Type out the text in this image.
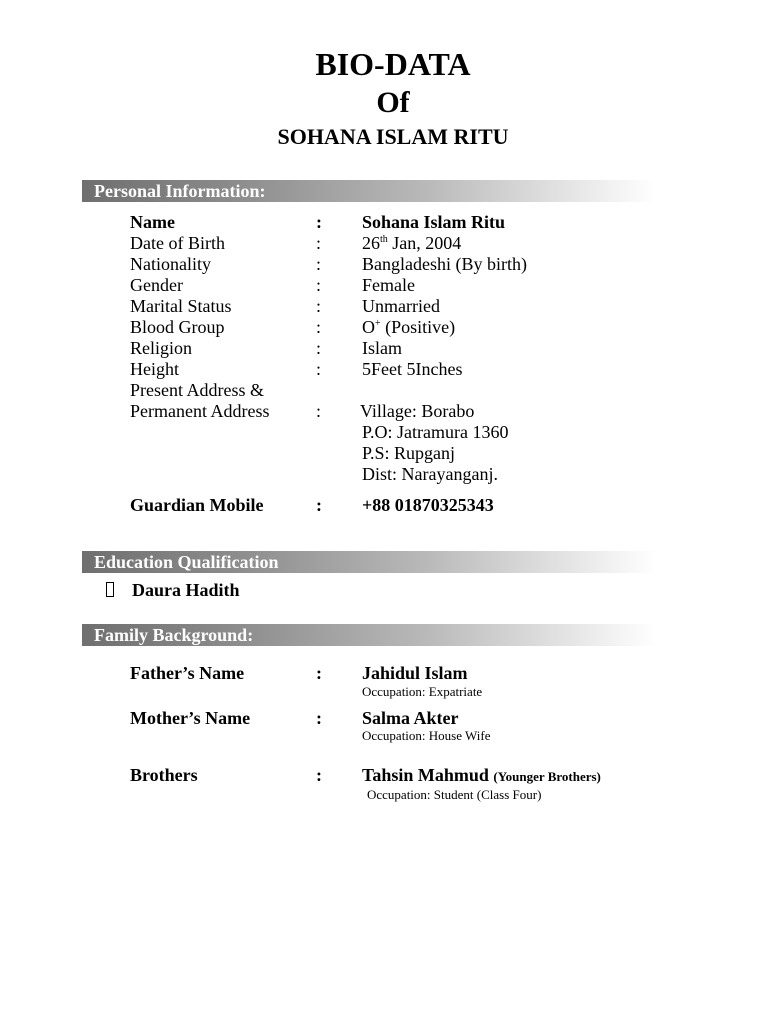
BIO-DATA
Of
SOHANA ISLAM RITU
Personal Information:
Name	: Sohana Islam Ritu
Date of Birth	: 26th Jan, 2004
Nationality	: Bangladeshi (By birth)
Gender	: Female
Marital Status	: Unmarried
Blood Group	: O+ (Positive)
Religion	: Islam
Height	: 5Feet 5Inches
Present Address &
Permanent Address	: Village: Borabo
P.O: Jatramura 1360
P.S: Rupganj
Dist: Narayanganj.
Guardian Mobile	: +88 01870325343
Education Qualification
Daura Hadith
Family Background:
Father’s Name	: Jahidul Islam
Occupation: Expatriate
Mother’s Name	: Salma Akter
Occupation: House Wife
Brothers	: Tahsin Mahmud (Younger Brothers)
Occupation: Student (Class Four)
